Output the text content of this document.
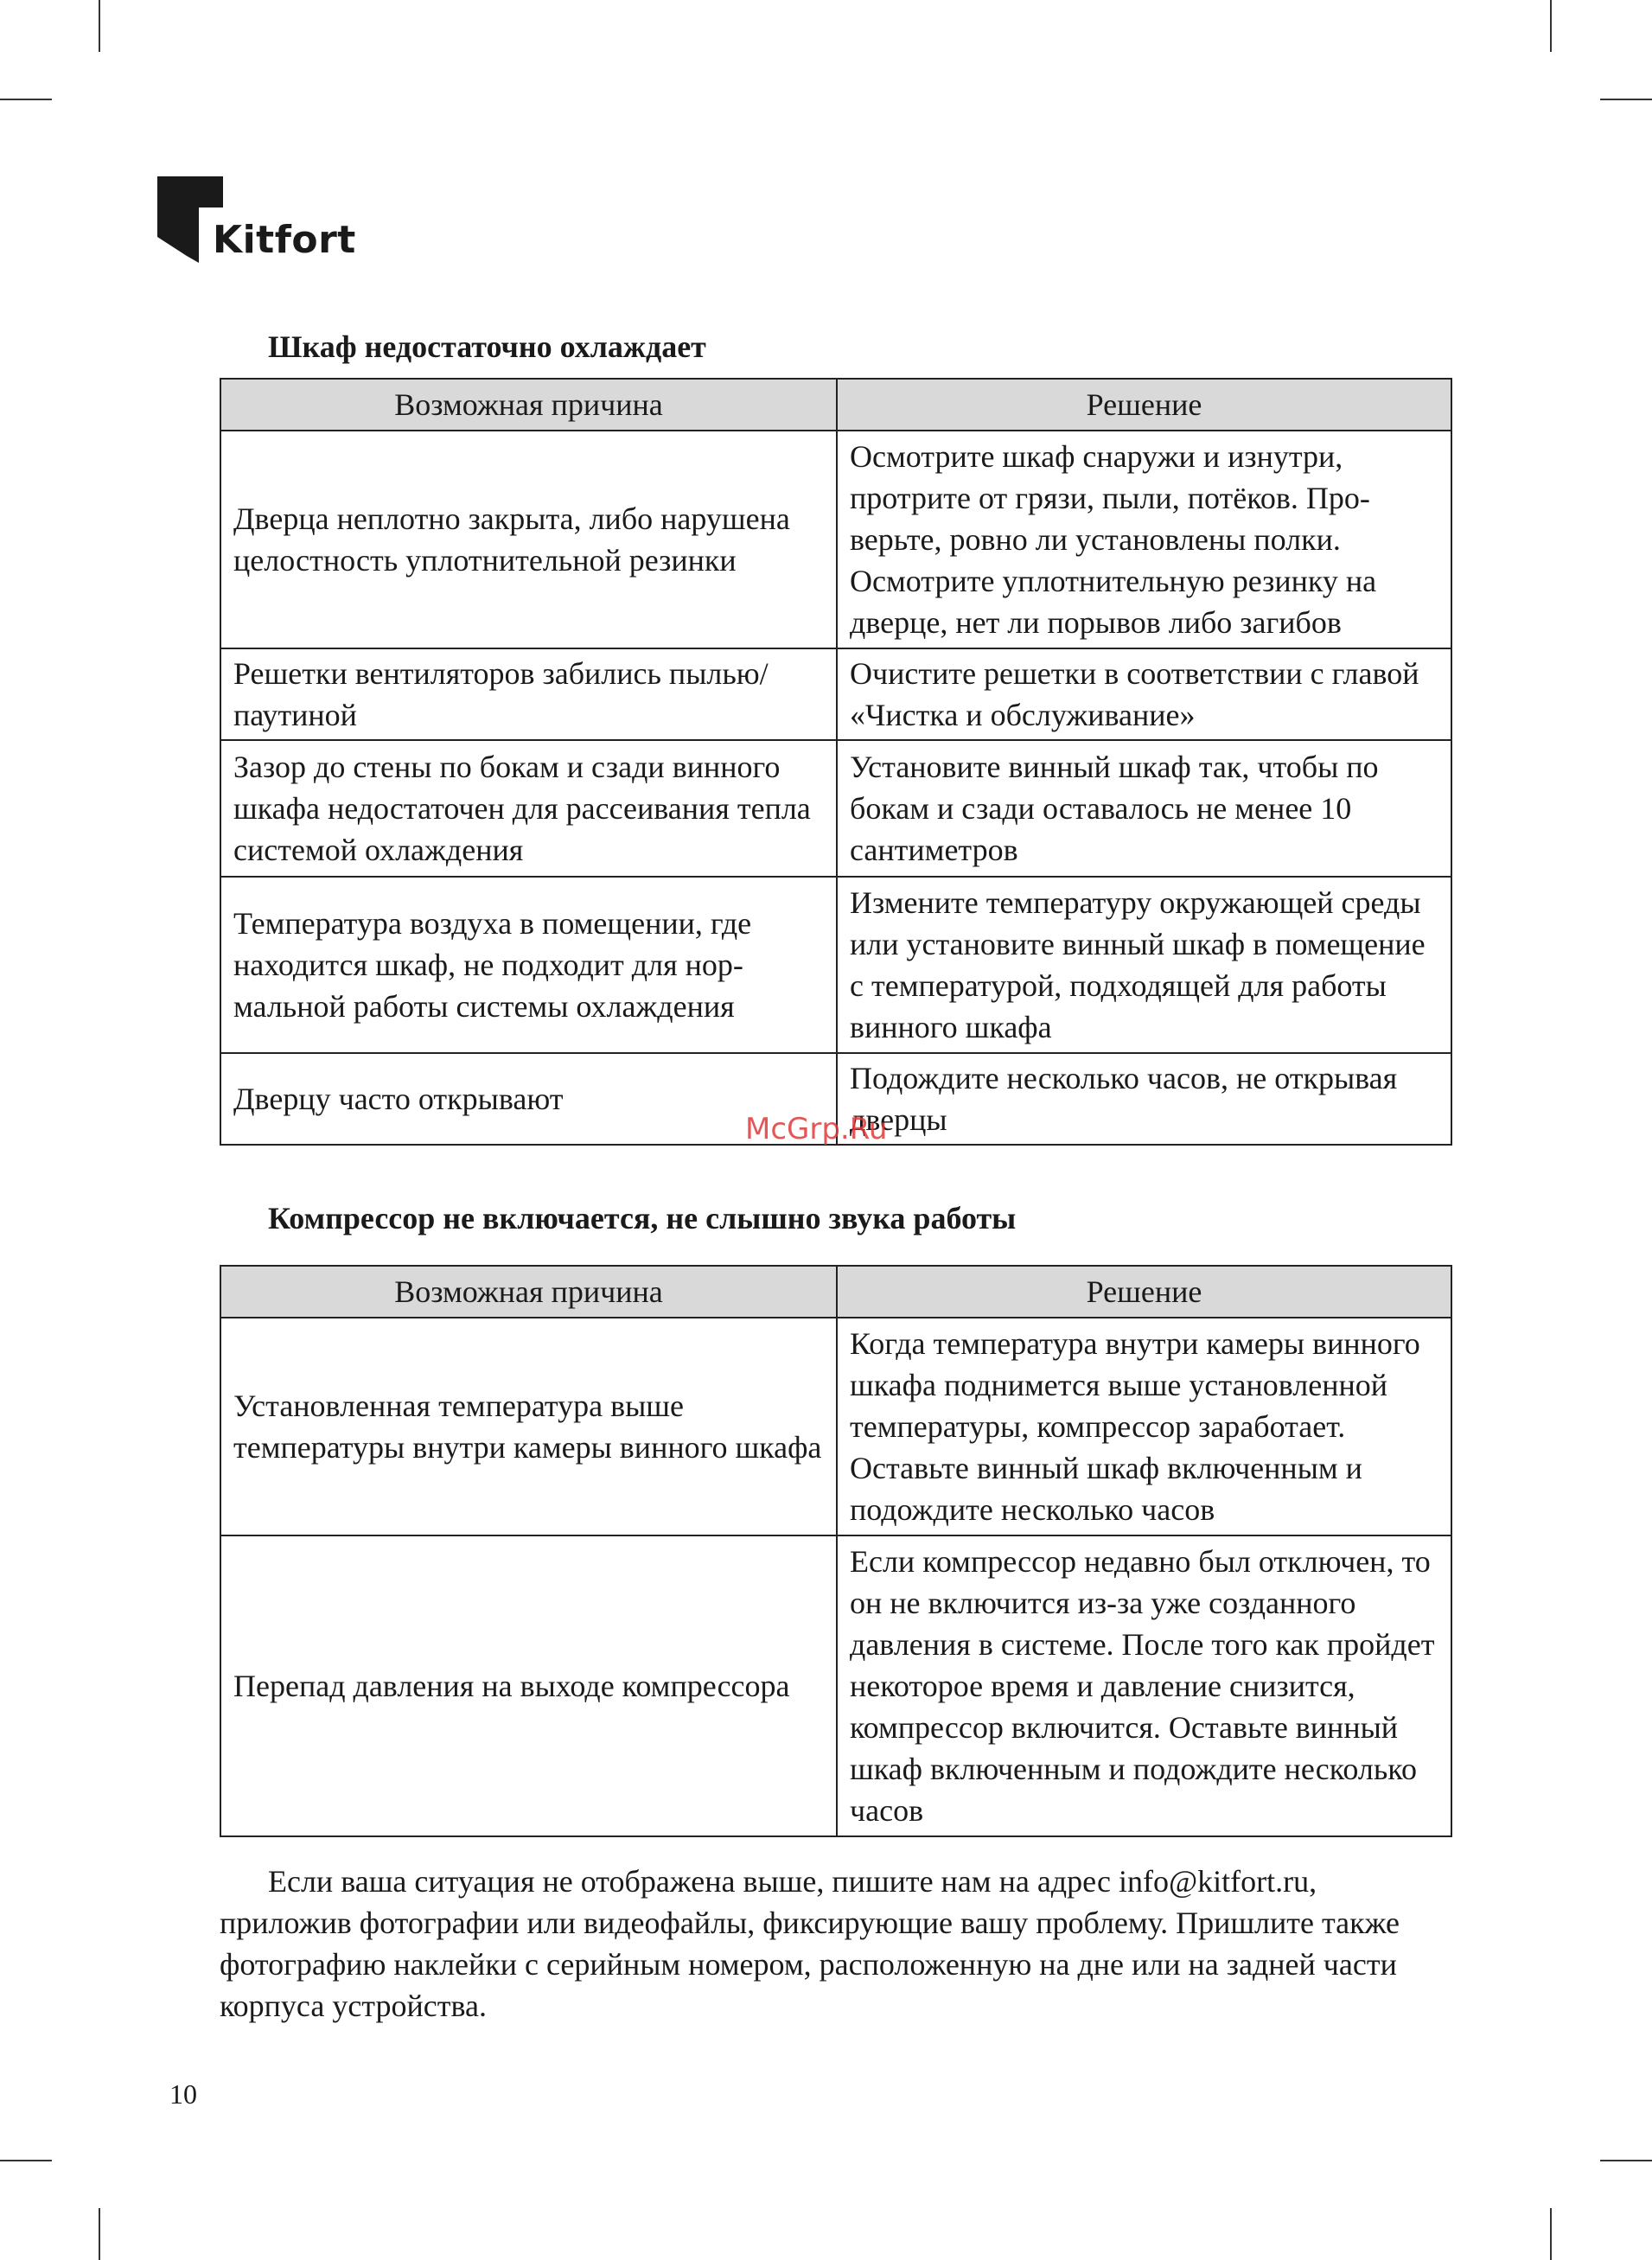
Kitfort
Шкаф недостаточно охлаждает
Возможная причина	Решение
Дверца неплотно закрыта, либо нарушена целостность уплотнительной резинки	Осмотрите шкаф снаружи и изнутри, протрите от грязи, пыли, потёков. Проверьте, ровно ли установлены полки. Осмотрите уплотнительную резинку на дверце, нет ли порывов либо загибов
Решетки вентиляторов забились пылью/паутиной	Очистите решетки в соответствии с главой «Чистка и обслуживание»
Зазор до стены по бокам и сзади винного шкафа недостаточен для рассеивания тепла системой охлаждения	Установите винный шкаф так, чтобы по бокам и сзади оставалось не менее 10 сантиметров
Температура воздуха в помещении, где находится шкаф, не подходит для нормальной работы системы охлаждения	Измените температуру окружающей среды или установите винный шкаф в помещение с температурой, подходящей для работы винного шкафа
Дверцу часто открывают	Подождите несколько часов, не открывая дверцы
McGrp.Ru
Компрессор не включается, не слышно звука работы
Возможная причина	Решение
Установленная температура выше температуры внутри камеры винного шкафа	Когда температура внутри камеры винного шкафа поднимется выше установленной температуры, компрессор заработает. Оставьте винный шкаф включенным и подождите несколько часов
Перепад давления на выходе компрессора	Если компрессор недавно был отключен, то он не включится из-за уже созданного давления в системе. После того как пройдет некоторое время и давление снизится, компрессор включится. Оставьте винный шкаф включенным и подождите несколько часов

Если ваша ситуация не отображена выше, пишите нам на адрес info@kitfort.ru, приложив фотографии или видеофайлы, фиксирующие вашу проблему. Пришлите также фотографию наклейки с серийным номером, расположенную на дне или на задней части корпуса устройства.

10
